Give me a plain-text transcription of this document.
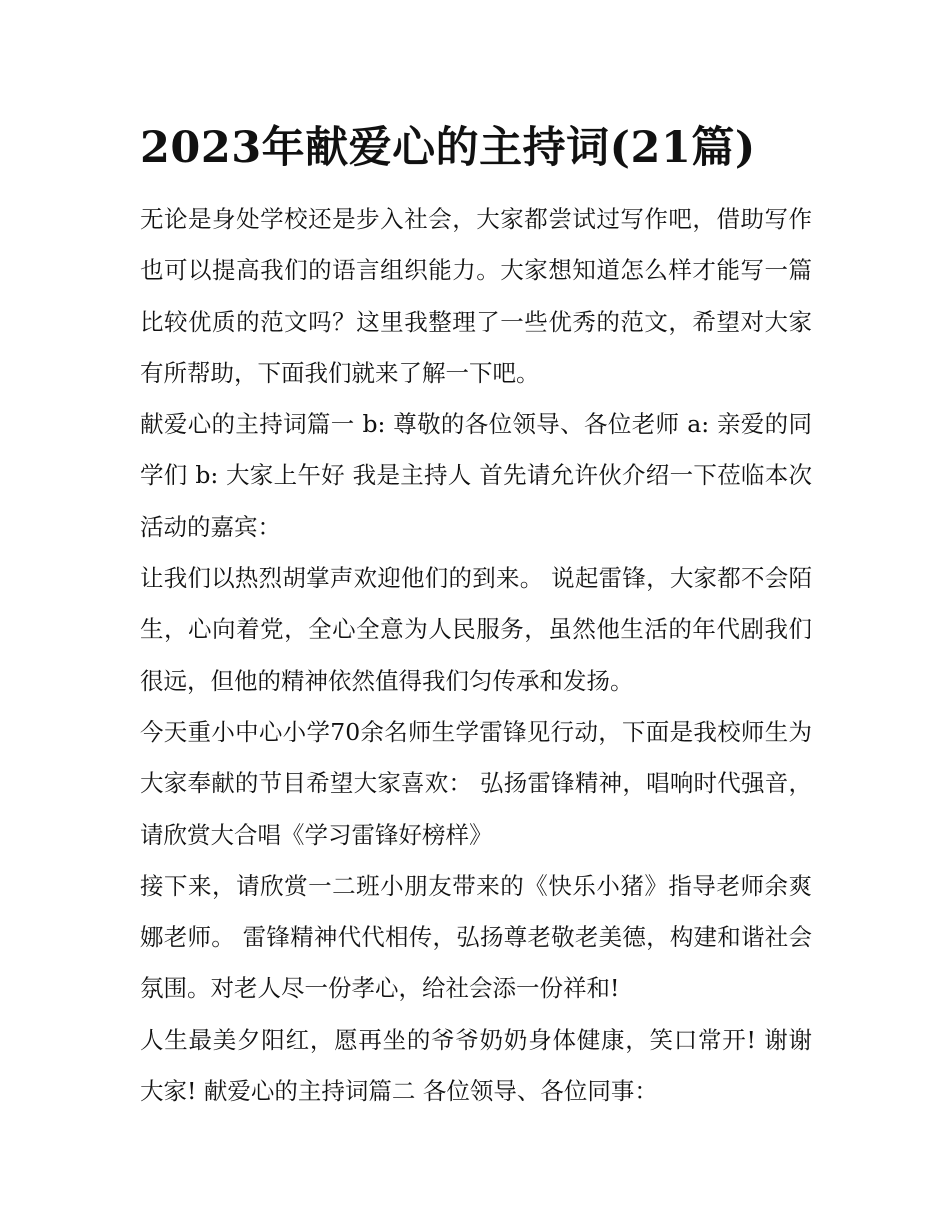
2023年献爱心的主持词(21篇)

无论是身处学校还是步入社会，大家都尝试过写作吧，借助写作也可以提高我们的语言组织能力。大家想知道怎么样才能写一篇比较优质的范文吗？这里我整理了一些优秀的范文，希望对大家有所帮助，下面我们就来了解一下吧。

献爱心的主持词篇一 b: 尊敬的各位领导、各位老师 a: 亲爱的同学们 b: 大家上午好 我是主持人 首先请允许伙介绍一下莅临本次活动的嘉宾：

让我们以热烈胡掌声欢迎他们的到来。 说起雷锋，大家都不会陌生，心向着党，全心全意为人民服务，虽然他生活的年代剧我们很远，但他的精神依然值得我们匀传承和发扬。

今天重小中心小学70余名师生学雷锋见行动，下面是我校师生为大家奉献的节目希望大家喜欢： 弘扬雷锋精神，唱响时代强音，请欣赏大合唱《学习雷锋好榜样》

接下来，请欣赏一二班小朋友带来的《快乐小猪》指导老师余爽娜老师。 雷锋精神代代相传，弘扬尊老敬老美德，构建和谐社会氛围。对老人尽一份孝心，给社会添一份祥和!

人生最美夕阳红，愿再坐的爷爷奶奶身体健康，笑口常开! 谢谢大家! 献爱心的主持词篇二 各位领导、各位同事：
